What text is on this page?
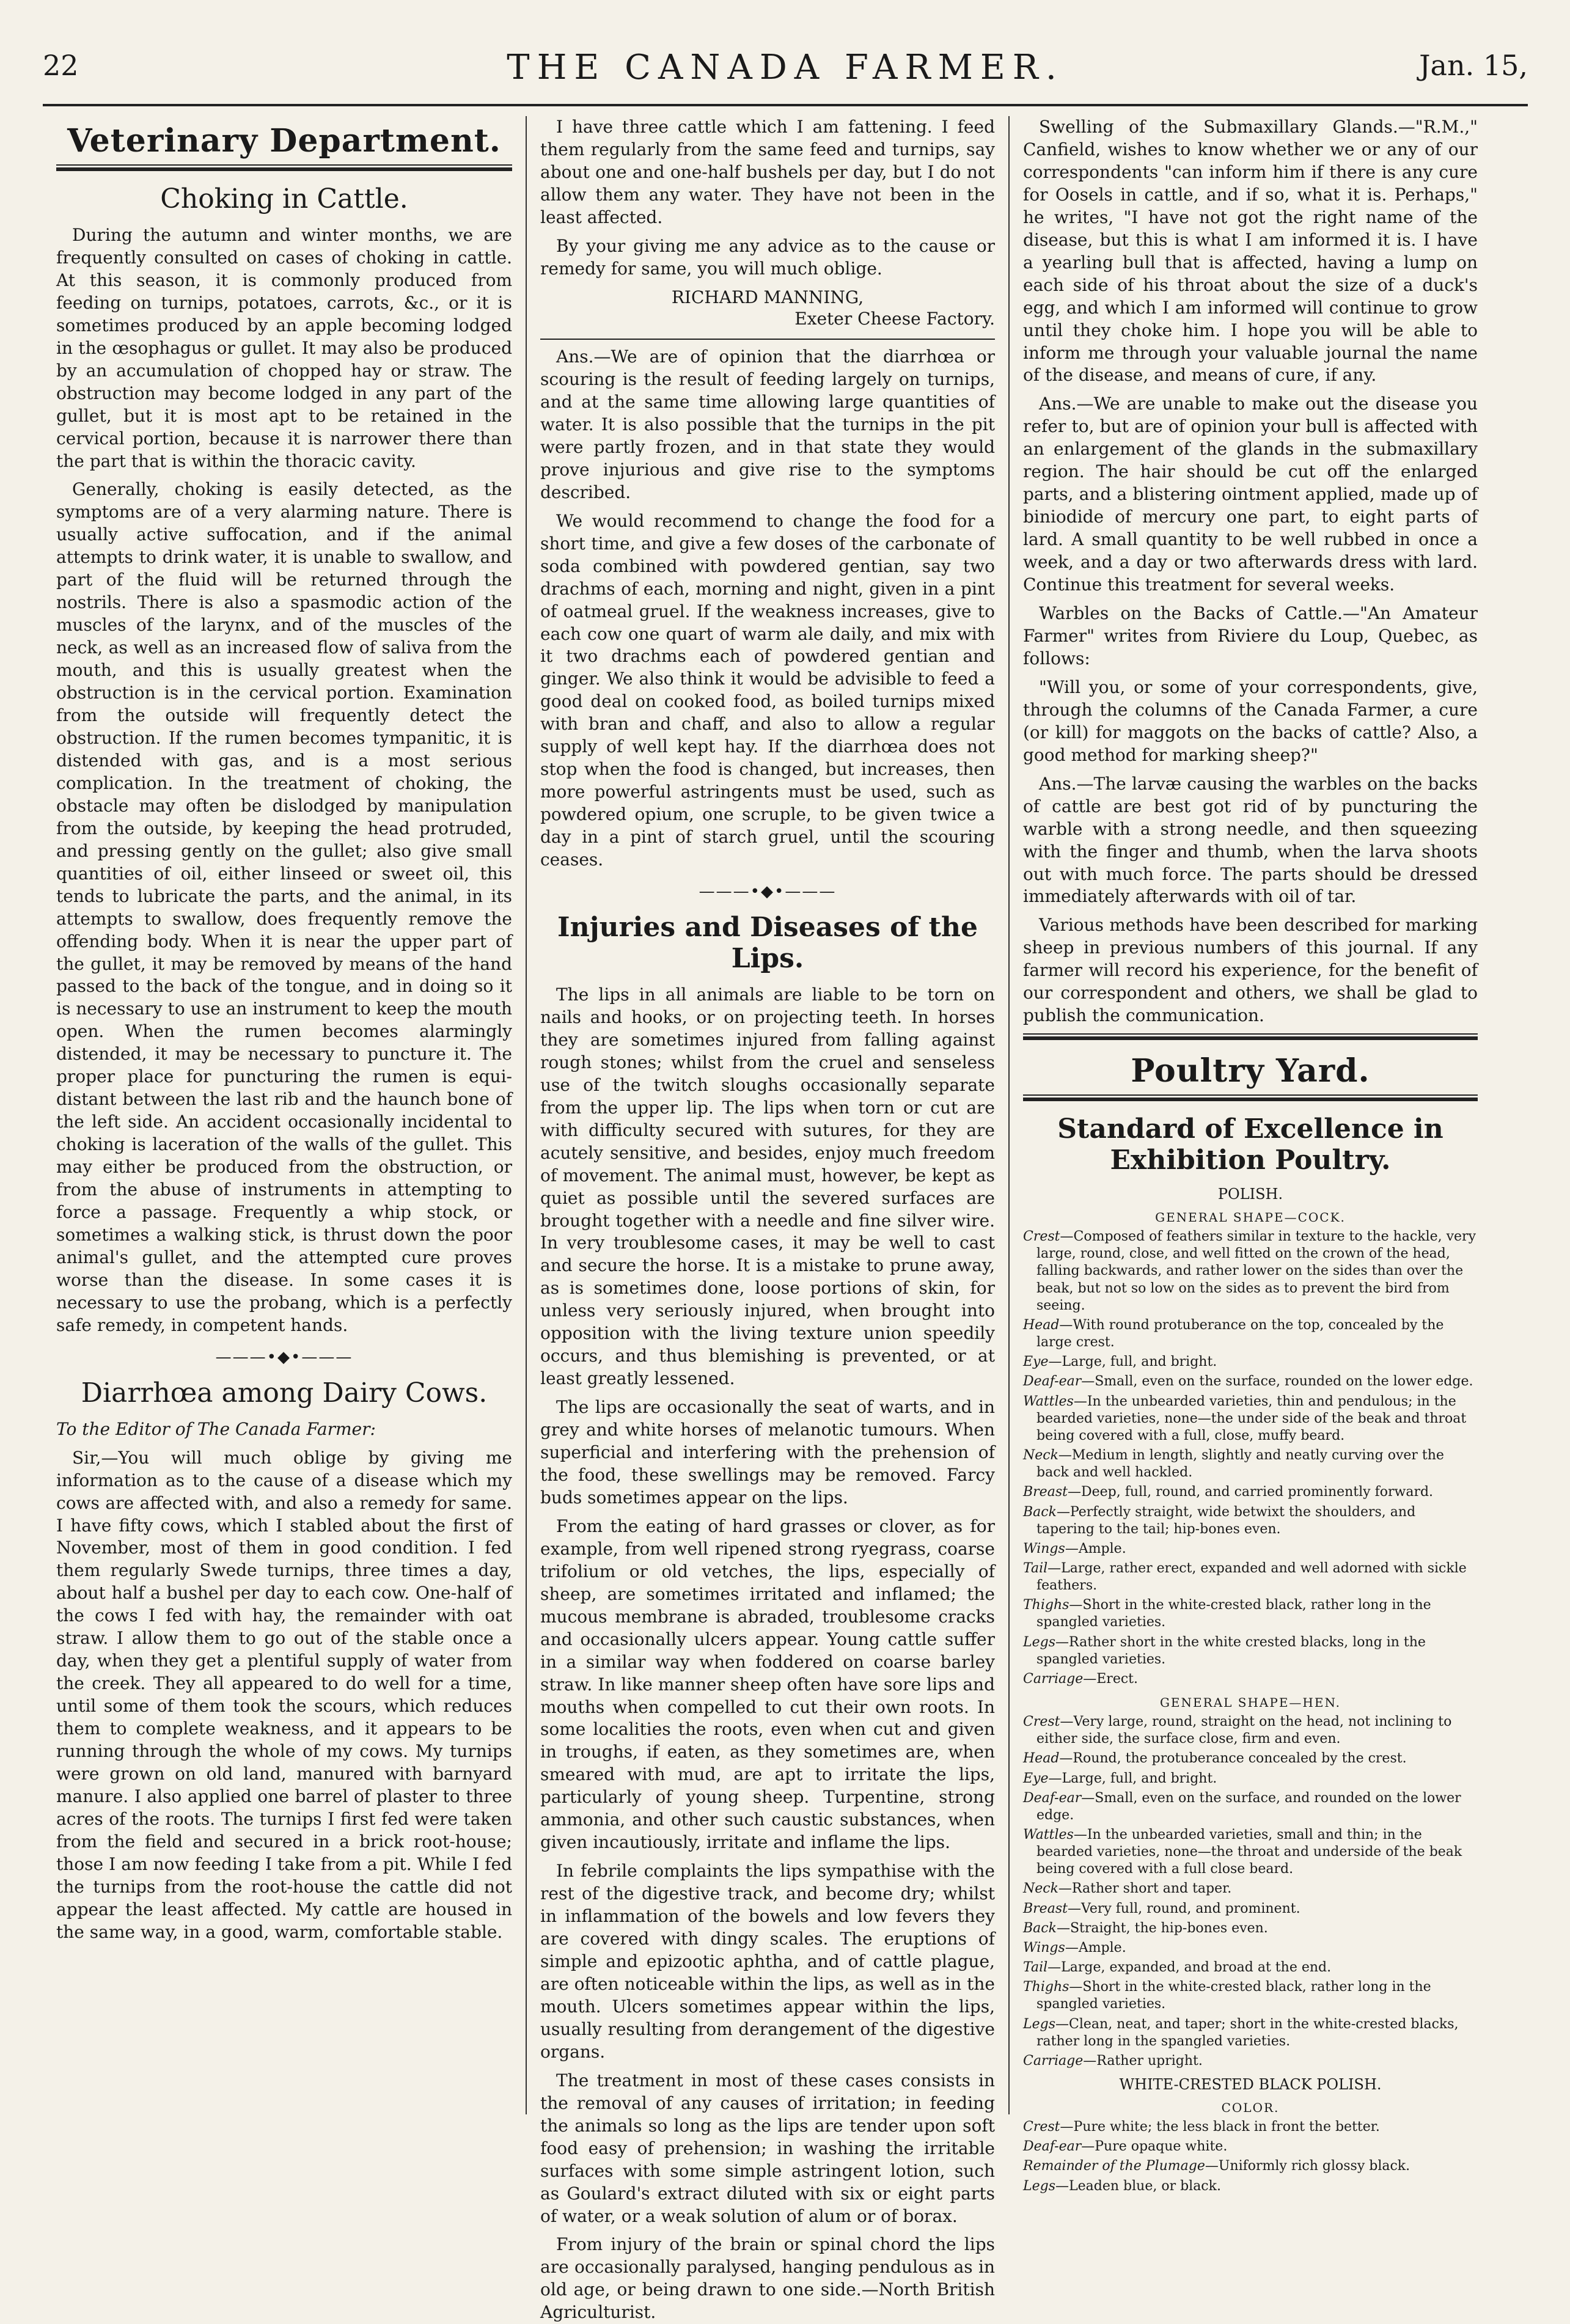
22	THE CANADA FARMER.	Jan. 15,
Veterinary Department.
Choking in Cattle.

During the autumn and winter months, we are frequently consulted on cases of choking in cattle. At this season, it is commonly produced from feeding on turnips, potatoes, carrots, &c., or it is sometimes produced by an apple becoming lodged in the œsophagus or gullet. It may also be produced by an accumulation of chopped hay or straw. The obstruction may become lodged in any part of the gullet, but it is most apt to be retained in the cervical portion, because it is narrower there than the part that is within the thoracic cavity.

Generally, choking is easily detected, as the symptoms are of a very alarming nature. There is usually active suffocation, and if the animal attempts to drink water, it is unable to swallow, and part of the fluid will be returned through the nostrils. There is also a spasmodic action of the muscles of the larynx, and of the muscles of the neck, as well as an increased flow of saliva from the mouth, and this is usually greatest when the obstruction is in the cervical portion. Examination from the outside will frequently detect the obstruction. If the rumen becomes tympanitic, it is distended with gas, and is a most serious complication. In the treatment of choking, the obstacle may often be dislodged by manipulation from the outside, by keeping the head protruded, and pressing gently on the gullet; also give small quantities of oil, either linseed or sweet oil, this tends to lubricate the parts, and the animal, in its attempts to swallow, does frequently remove the offending body. When it is near the upper part of the gullet, it may be removed by means of the hand passed to the back of the tongue, and in doing so it is necessary to use an instrument to keep the mouth open. When the rumen becomes alarmingly distended, it may be necessary to puncture it. The proper place for puncturing the rumen is equi-distant between the last rib and the haunch bone of the left side. An accident occasionally incidental to choking is laceration of the walls of the gullet. This may either be produced from the obstruction, or from the abuse of instruments in attempting to force a passage. Frequently a whip stock, or sometimes a walking stick, is thrust down the poor animal's gullet, and the attempted cure proves worse than the disease. In some cases it is necessary to use the probang, which is a perfectly safe remedy, in competent hands.

———•◆•———
Diarrhœa among Dairy Cows.

To the Editor of The Canada Farmer:

Sir,—You will much oblige by giving me information as to the cause of a disease which my cows are affected with, and also a remedy for same. I have fifty cows, which I stabled about the first of November, most of them in good condition. I fed them regularly Swede turnips, three times a day, about half a bushel per day to each cow. One-half of the cows I fed with hay, the remainder with oat straw. I allow them to go out of the stable once a day, when they get a plentiful supply of water from the creek. They all appeared to do well for a time, until some of them took the scours, which reduces them to complete weakness, and it appears to be running through the whole of my cows. My turnips were grown on old land, manured with barnyard manure. I also applied one barrel of plaster to three acres of the roots. The turnips I first fed were taken from the field and secured in a brick root-house; those I am now feeding I take from a pit. While I fed the turnips from the root-house the cattle did not appear the least affected. My cattle are housed in the same way, in a good, warm, comfortable stable.

I have three cattle which I am fattening. I feed them regularly from the same feed and turnips, say about one and one-half bushels per day, but I do not allow them any water. They have not been in the least affected.

By your giving me any advice as to the cause or remedy for same, you will much oblige.

RICHARD MANNING,
Exeter Cheese Factory.

Ans.—We are of opinion that the diarrhœa or scouring is the result of feeding largely on turnips, and at the same time allowing large quantities of water. It is also possible that the turnips in the pit were partly frozen, and in that state they would prove injurious and give rise to the symptoms described.

We would recommend to change the food for a short time, and give a few doses of the carbonate of soda combined with powdered gentian, say two drachms of each, morning and night, given in a pint of oatmeal gruel. If the weakness increases, give to each cow one quart of warm ale daily, and mix with it two drachms each of powdered gentian and ginger. We also think it would be advisible to feed a good deal on cooked food, as boiled turnips mixed with bran and chaff, and also to allow a regular supply of well kept hay. If the diarrhœa does not stop when the food is changed, but increases, then more powerful astringents must be used, such as powdered opium, one scruple, to be given twice a day in a pint of starch gruel, until the scouring ceases.

———•◆•———
Injuries and Diseases of the Lips.

The lips in all animals are liable to be torn on nails and hooks, or on projecting teeth. In horses they are sometimes injured from falling against rough stones; whilst from the cruel and senseless use of the twitch sloughs occasionally separate from the upper lip. The lips when torn or cut are with difficulty secured with sutures, for they are acutely sensitive, and besides, enjoy much freedom of movement. The animal must, however, be kept as quiet as possible until the severed surfaces are brought together with a needle and fine silver wire. In very troublesome cases, it may be well to cast and secure the horse. It is a mistake to prune away, as is sometimes done, loose portions of skin, for unless very seriously injured, when brought into opposition with the living texture union speedily occurs, and thus blemishing is prevented, or at least greatly lessened.

The lips are occasionally the seat of warts, and in grey and white horses of melanotic tumours. When superficial and interfering with the prehension of the food, these swellings may be removed. Farcy buds sometimes appear on the lips.

From the eating of hard grasses or clover, as for example, from well ripened strong ryegrass, coarse trifolium or old vetches, the lips, especially of sheep, are sometimes irritated and inflamed; the mucous membrane is abraded, troublesome cracks and occasionally ulcers appear. Young cattle suffer in a similar way when foddered on coarse barley straw. In like manner sheep often have sore lips and mouths when compelled to cut their own roots. In some localities the roots, even when cut and given in troughs, if eaten, as they sometimes are, when smeared with mud, are apt to irritate the lips, particularly of young sheep. Turpentine, strong ammonia, and other such caustic substances, when given incautiously, irritate and inflame the lips.

In febrile complaints the lips sympathise with the rest of the digestive track, and become dry; whilst in inflammation of the bowels and low fevers they are covered with dingy scales. The eruptions of simple and epizootic aphtha, and of cattle plague, are often noticeable within the lips, as well as in the mouth. Ulcers sometimes appear within the lips, usually resulting from derangement of the digestive organs.

The treatment in most of these cases consists in the removal of any causes of irritation; in feeding the animals so long as the lips are tender upon soft food easy of prehension; in washing the irritable surfaces with some simple astringent lotion, such as Goulard's extract diluted with six or eight parts of water, or a weak solution of alum or of borax.

From injury of the brain or spinal chord the lips are occasionally paralysed, hanging pendulous as in old age, or being drawn to one side.—North British Agriculturist.

Swelling of the Submaxillary Glands.—"R.M.," Canfield, wishes to know whether we or any of our correspondents "can inform him if there is any cure for Oosels in cattle, and if so, what it is. Perhaps," he writes, "I have not got the right name of the disease, but this is what I am informed it is. I have a yearling bull that is affected, having a lump on each side of his throat about the size of a duck's egg, and which I am informed will continue to grow until they choke him. I hope you will be able to inform me through your valuable journal the name of the disease, and means of cure, if any.

Ans.—We are unable to make out the disease you refer to, but are of opinion your bull is affected with an enlargement of the glands in the submaxillary region. The hair should be cut off the enlarged parts, and a blistering ointment applied, made up of biniodide of mercury one part, to eight parts of lard. A small quantity to be well rubbed in once a week, and a day or two afterwards dress with lard. Continue this treatment for several weeks.

Warbles on the Backs of Cattle.—"An Amateur Farmer" writes from Riviere du Loup, Quebec, as follows:

"Will you, or some of your correspondents, give, through the columns of the Canada Farmer, a cure (or kill) for maggots on the backs of cattle? Also, a good method for marking sheep?"

Ans.—The larvæ causing the warbles on the backs of cattle are best got rid of by puncturing the warble with a strong needle, and then squeezing with the finger and thumb, when the larva shoots out with much force. The parts should be dressed immediately afterwards with oil of tar.

Various methods have been described for marking sheep in previous numbers of this journal. If any farmer will record his experience, for the benefit of our correspondent and others, we shall be glad to publish the communication.

Poultry Yard.
Standard of Excellence in Exhibition Poultry.
POLISH.
GENERAL SHAPE—COCK.

Crest—Composed of feathers similar in texture to the hackle, very large, round, close, and well fitted on the crown of the head, falling backwards, and rather lower on the sides than over the beak, but not so low on the sides as to prevent the bird from seeing.

Head—With round protuberance on the top, concealed by the large crest.

Eye—Large, full, and bright.

Deaf-ear—Small, even on the surface, rounded on the lower edge.

Wattles—In the unbearded varieties, thin and pendulous; in the bearded varieties, none—the under side of the beak and throat being covered with a full, close, muffy beard.

Neck—Medium in length, slightly and neatly curving over the back and well hackled.

Breast—Deep, full, round, and carried prominently forward.

Back—Perfectly straight, wide betwixt the shoulders, and tapering to the tail; hip-bones even.

Wings—Ample.

Tail—Large, rather erect, expanded and well adorned with sickle feathers.

Thighs—Short in the white-crested black, rather long in the spangled varieties.

Legs—Rather short in the white crested blacks, long in the spangled varieties.

Carriage—Erect.

GENERAL SHAPE—HEN.

Crest—Very large, round, straight on the head, not inclining to either side, the surface close, firm and even.

Head—Round, the protuberance concealed by the crest.

Eye—Large, full, and bright.

Deaf-ear—Small, even on the surface, and rounded on the lower edge.

Wattles—In the unbearded varieties, small and thin; in the bearded varieties, none—the throat and underside of the beak being covered with a full close beard.

Neck—Rather short and taper.

Breast—Very full, round, and prominent.

Back—Straight, the hip-bones even.

Wings—Ample.

Tail—Large, expanded, and broad at the end.

Thighs—Short in the white-crested black, rather long in the spangled varieties.

Legs—Clean, neat, and taper; short in the white-crested blacks, rather long in the spangled varieties.

Carriage—Rather upright.

WHITE-CRESTED BLACK POLISH.
COLOR.

Crest—Pure white; the less black in front the better.

Deaf-ear—Pure opaque white.

Remainder of the Plumage—Uniformly rich glossy black.

Legs—Leaden blue, or black.
